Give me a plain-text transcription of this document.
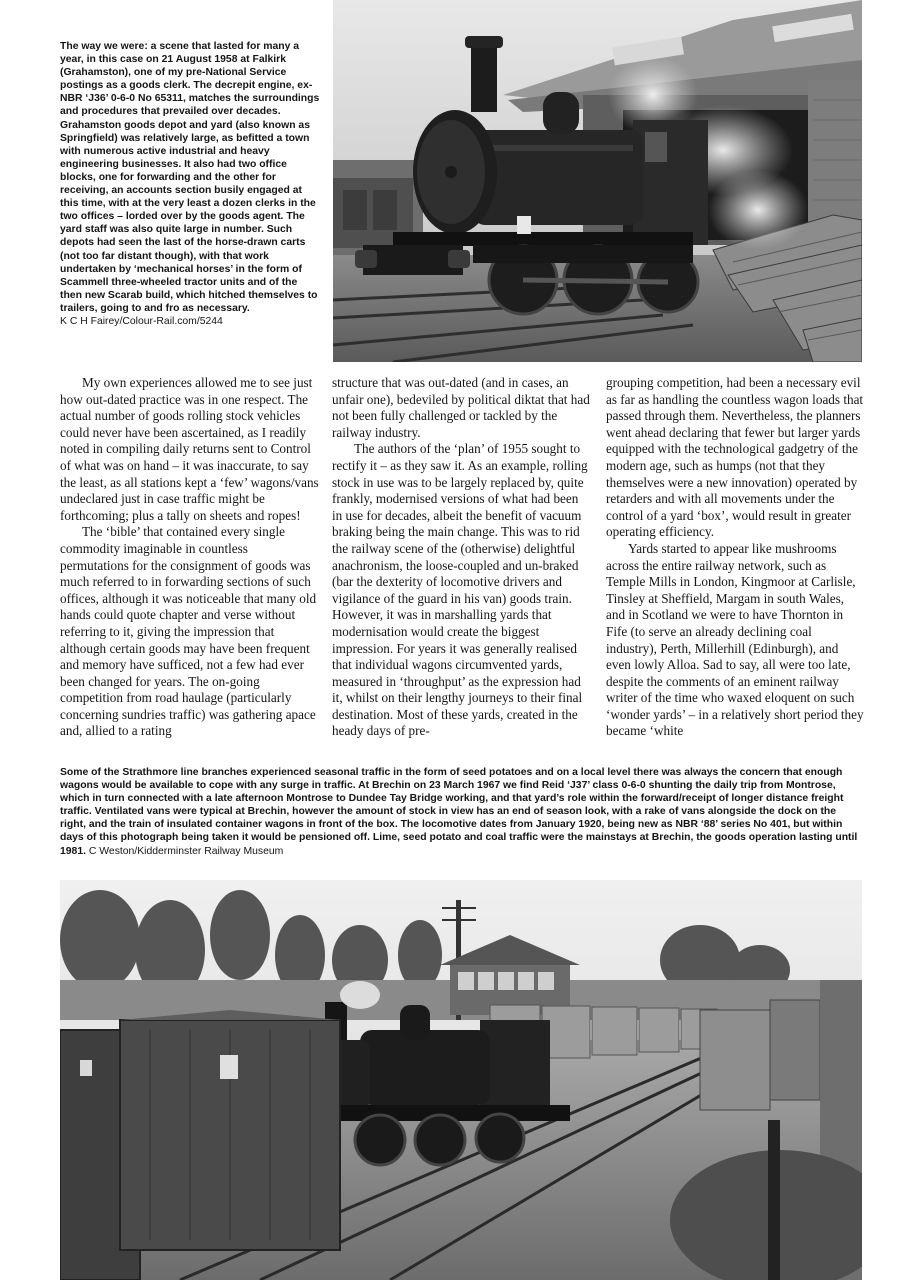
The way we were: a scene that lasted for many a year, in this case on 21 August 1958 at Falkirk (Grahamston), one of my pre-National Service postings as a goods clerk. The decrepit engine, ex-NBR ‘J36’ 0-6-0 No 65311, matches the surroundings and procedures that prevailed over decades. Grahamston goods depot and yard (also known as Springfield) was relatively large, as befitted a town with numerous active industrial and heavy engineering businesses. It also had two office blocks, one for forwarding and the other for receiving, an accounts section busily engaged at this time, with at the very least a dozen clerks in the two offices – lorded over by the goods agent. The yard staff was also quite large in number. Such depots had seen the last of the horse-drawn carts (not too far distant though), with that work undertaken by ‘mechanical horses’ in the form of Scammell three-wheeled tractor units and of the then new Scarab build, which hitched themselves to trailers, going to and fro as necessary.
K C H Fairey/Colour-Rail.com/5244

My own experiences allowed me to see just how out-dated practice was in one respect. The actual number of goods rolling stock vehicles could never have been ascertained, as I readily noted in compiling daily returns sent to Control of what was on hand – it was inaccurate, to say the least, as all stations kept a ‘few’ wagons/vans undeclared just in case traffic might be forthcoming; plus a tally on sheets and ropes!

The ‘bible’ that contained every single commodity imaginable in countless permutations for the consignment of goods was much referred to in forwarding sections of such offices, although it was noticeable that many old hands could quote chapter and verse without referring to it, giving the impression that although certain goods may have been frequent and memory have sufficed, not a few had ever been changed for years. The on-going competition from road haulage (particularly concerning sundries traffic) was gathering apace and, allied to a rating

structure that was out-dated (and in cases, an unfair one), bedeviled by political diktat that had not been fully challenged or tackled by the railway industry.

The authors of the ‘plan’ of 1955 sought to rectify it – as they saw it. As an example, rolling stock in use was to be largely replaced by, quite frankly, modernised versions of what had been in use for decades, albeit the benefit of vacuum braking being the main change. This was to rid the railway scene of the (otherwise) delightful anachronism, the loose-coupled and un-braked (bar the dexterity of locomotive drivers and vigilance of the guard in his van) goods train. However, it was in marshalling yards that modernisation would create the biggest impression. For years it was generally realised that individual wagons circumvented yards, measured in ‘throughput’ as the expression had it, whilst on their lengthy journeys to their final destination. Most of these yards, created in the heady days of pre-

grouping competition, had been a necessary evil as far as handling the countless wagon loads that passed through them. Nevertheless, the planners went ahead declaring that fewer but larger yards equipped with the technological gadgetry of the modern age, such as humps (not that they themselves were a new innovation) operated by retarders and with all movements under the control of a yard ‘box’, would result in greater operating efficiency.

Yards started to appear like mushrooms across the entire railway network, such as Temple Mills in London, Kingmoor at Carlisle, Tinsley at Sheffield, Margam in south Wales, and in Scotland we were to have Thornton in Fife (to serve an already declining coal industry), Perth, Millerhill (Edinburgh), and even lowly Alloa. Sad to say, all were too late, despite the comments of an eminent railway writer of the time who waxed eloquent on such ‘wonder yards’ – in a relatively short period they became ‘white

Some of the Strathmore line branches experienced seasonal traffic in the form of seed potatoes and on a local level there was always the concern that enough wagons would be available to cope with any surge in traffic. At Brechin on 23 March 1967 we find Reid ‘J37’ class 0-6-0 shunting the daily trip from Montrose, which in turn connected with a late afternoon Montrose to Dundee Tay Bridge working, and that yard’s role within the forward/receipt of longer distance freight traffic. Ventilated vans were typical at Brechin, however the amount of stock in view has an end of season look, with a rake of vans alongside the dock on the right, and the train of insulated container wagons in front of the box. The locomotive dates from January 1920, being new as NBR ‘88’ series No 401, but within days of this photograph being taken it would be pensioned off. Lime, seed potato and coal traffic were the mainstays at Brechin, the goods operation lasting until 1981. C Weston/Kidderminster Railway Museum
